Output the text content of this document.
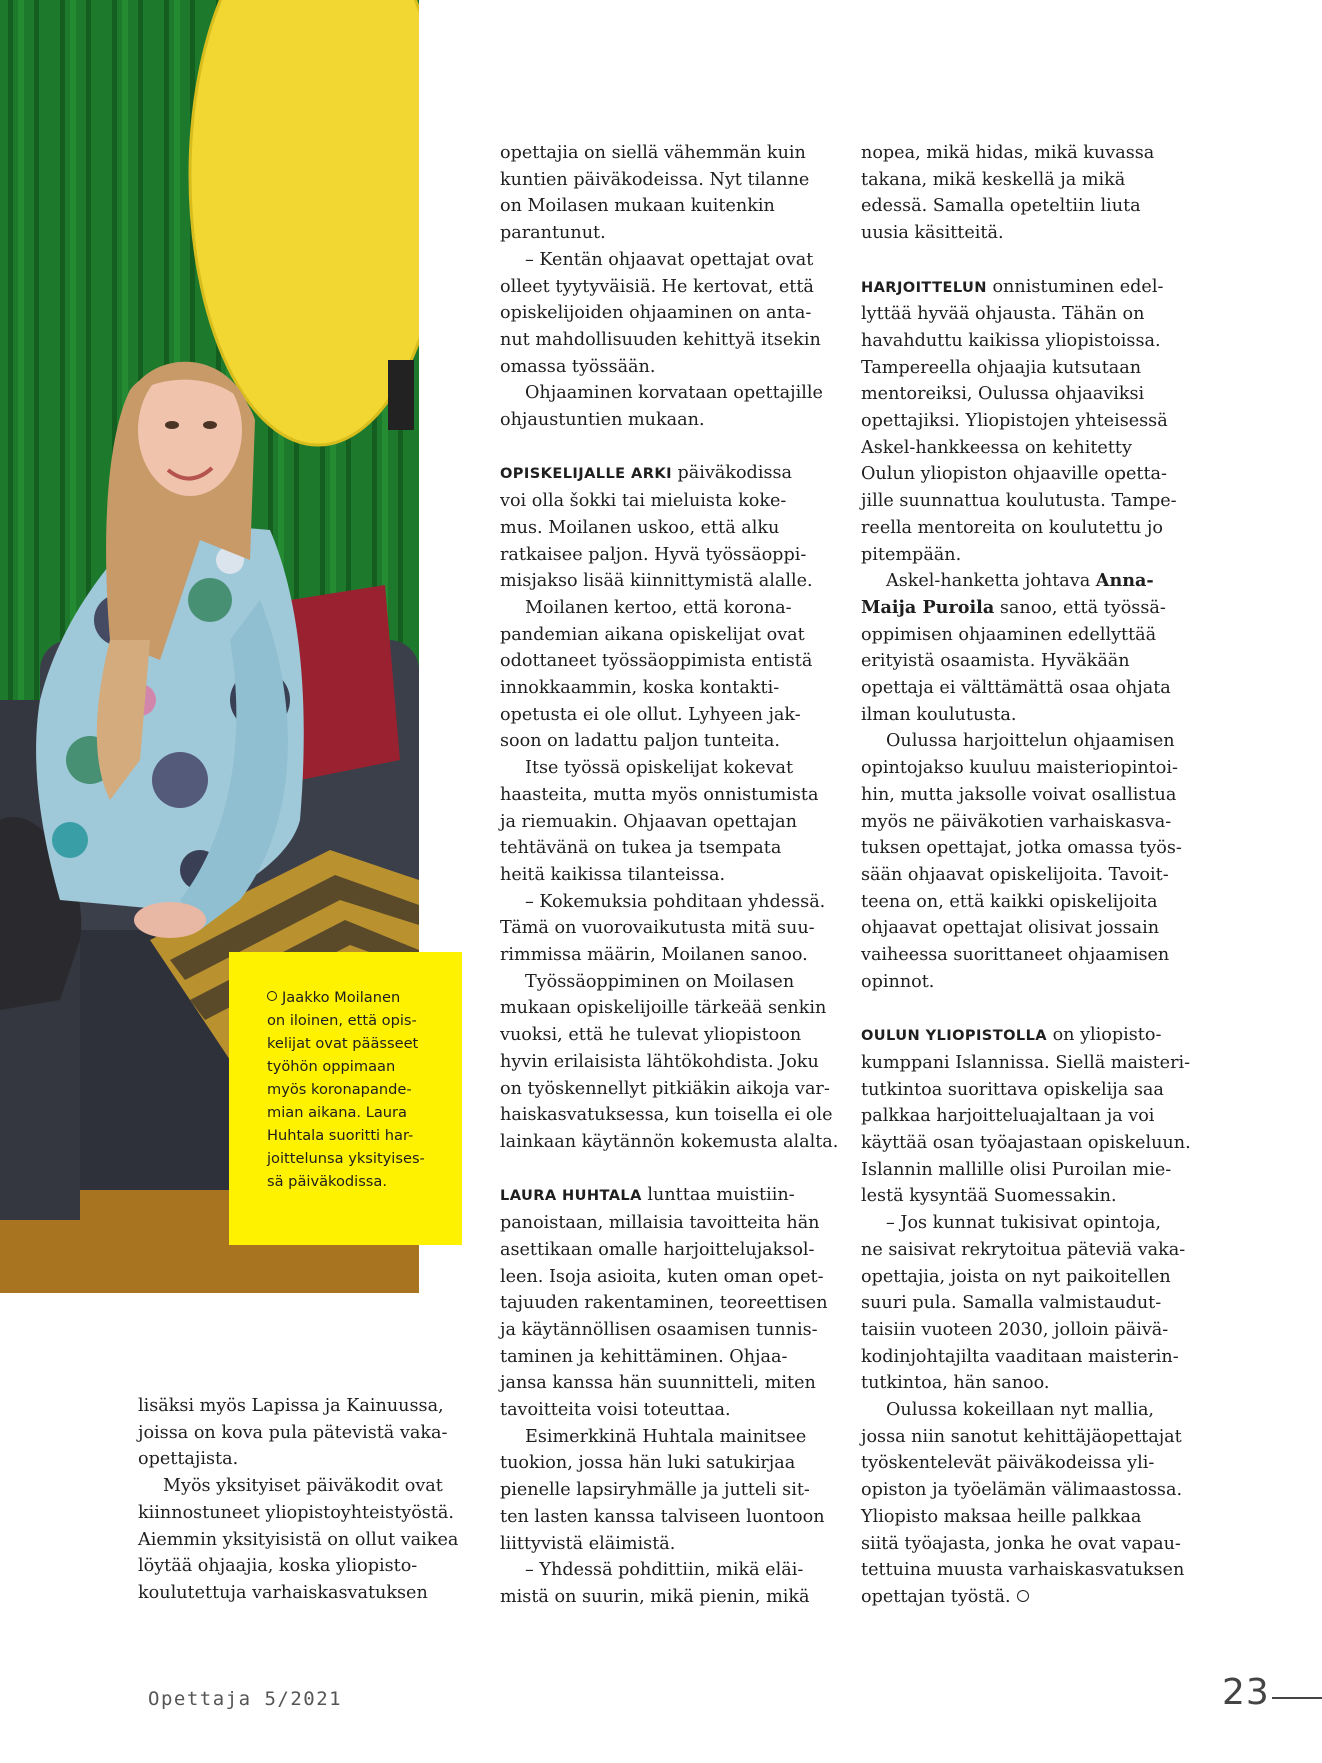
Jaakko Moilanen
on iloinen, että opis-
kelijat ovat päässeet
työhön oppimaan
myös koronapande-
mian aikana. Laura
Huhtala suoritti har-
joittelunsa yksityises-
sä päiväkodissa.

lisäksi myös Lapissa ja Kainuussa,

joissa on kova pula pätevistä vaka-

opettajista.

Myös yksityiset päiväkodit ovat

kiinnostuneet yliopistoyhteistyöstä.

Aiemmin yksityisistä on ollut vaikea

löytää ohjaajia, koska yliopisto-

koulutettuja varhaiskasvatuksen

opettajia on siellä vähemmän kuin

kuntien päiväkodeissa. Nyt tilanne

on Moilasen mukaan kuitenkin

parantunut.

– Kentän ohjaavat opettajat ovat

olleet tyytyväisiä. He kertovat, että

opiskelijoiden ohjaaminen on anta-

nut mahdollisuuden kehittyä itsekin

omassa työssään.

Ohjaaminen korvataan opettajille

ohjaustuntien mukaan.

OPISKELIJALLE ARKI päiväkodissa

voi olla šokki tai mieluista koke-

mus. Moilanen uskoo, että alku

ratkaisee paljon. Hyvä työssäoppi-

misjakso lisää kiinnittymistä alalle.

Moilanen kertoo, että korona-

pandemian aikana opiskelijat ovat

odottaneet työssäoppimista entistä

innokkaammin, koska kontakti-

opetusta ei ole ollut. Lyhyeen jak-

soon on ladattu paljon tunteita.

Itse työssä opiskelijat kokevat

haasteita, mutta myös onnistumista

ja riemuakin. Ohjaavan opettajan

tehtävänä on tukea ja tsempata

heitä kaikissa tilanteissa.

– Kokemuksia pohditaan yhdessä.

Tämä on vuorovaikutusta mitä suu-

rimmissa määrin, Moilanen sanoo.

Työssäoppiminen on Moilasen

mukaan opiskelijoille tärkeää senkin

vuoksi, että he tulevat yliopistoon

hyvin erilaisista lähtökohdista. Joku

on työskennellyt pitkiäkin aikoja var-

haiskasvatuksessa, kun toisella ei ole

lainkaan käytännön kokemusta alalta.

LAURA HUHTALA lunttaa muistiin-

panoistaan, millaisia tavoitteita hän

asettikaan omalle harjoittelujaksol-

leen. Isoja asioita, kuten oman opet-

tajuuden rakentaminen, teoreettisen

ja käytännöllisen osaamisen tunnis-

taminen ja kehittäminen. Ohjaa-

jansa kanssa hän suunnitteli, miten

tavoitteita voisi toteuttaa.

Esimerkkinä Huhtala mainitsee

tuokion, jossa hän luki satukirjaa

pienelle lapsiryhmälle ja jutteli sit-

ten lasten kanssa talviseen luontoon

liittyvistä eläimistä.

– Yhdessä pohdittiin, mikä eläi-

mistä on suurin, mikä pienin, mikä

nopea, mikä hidas, mikä kuvassa

takana, mikä keskellä ja mikä

edessä. Samalla opeteltiin liuta

uusia käsitteitä.

HARJOITTELUN onnistuminen edel-

lyttää hyvää ohjausta. Tähän on

havahduttu kaikissa yliopistoissa.

Tampereella ohjaajia kutsutaan

mentoreiksi, Oulussa ohjaaviksi

opettajiksi. Yliopistojen yhteisessä

Askel-hankkeessa on kehitetty

Oulun yliopiston ohjaaville opetta-

jille suunnattua koulutusta. Tampe-

reella mentoreita on koulutettu jo

pitempään.

Askel-hanketta johtava Anna-

Maija Puroila sanoo, että työssä-

oppimisen ohjaaminen edellyttää

erityistä osaamista. Hyväkään

opettaja ei välttämättä osaa ohjata

ilman koulutusta.

Oulussa harjoittelun ohjaamisen

opintojakso kuuluu maisteriopintoi-

hin, mutta jaksolle voivat osallistua

myös ne päiväkotien varhaiskasva-

tuksen opettajat, jotka omassa työs-

sään ohjaavat opiskelijoita. Tavoit-

teena on, että kaikki opiskelijoita

ohjaavat opettajat olisivat jossain

vaiheessa suorittaneet ohjaamisen

opinnot.

OULUN YLIOPISTOLLA on yliopisto-

kumppani Islannissa. Siellä maisteri-

tutkintoa suorittava opiskelija saa

palkkaa harjoitteluajaltaan ja voi

käyttää osan työajastaan opiskeluun.

Islannin mallille olisi Puroilan mie-

lestä kysyntää Suomessakin.

– Jos kunnat tukisivat opintoja,

ne saisivat rekrytoitua päteviä vaka-

opettajia, joista on nyt paikoitellen

suuri pula. Samalla valmistaudut-

taisiin vuoteen 2030, jolloin päivä-

kodinjohtajilta vaaditaan maisterin-

tutkintoa, hän sanoo.

Oulussa kokeillaan nyt mallia,

jossa niin sanotut kehittäjäopettajat

työskentelevät päiväkodeissa yli-

opiston ja työelämän välimaastossa.

Yliopisto maksaa heille palkkaa

siitä työajasta, jonka he ovat vapau-

tettuina muusta varhaiskasvatuksen

opettajan työstä.

Opettaja 5/2021	23
